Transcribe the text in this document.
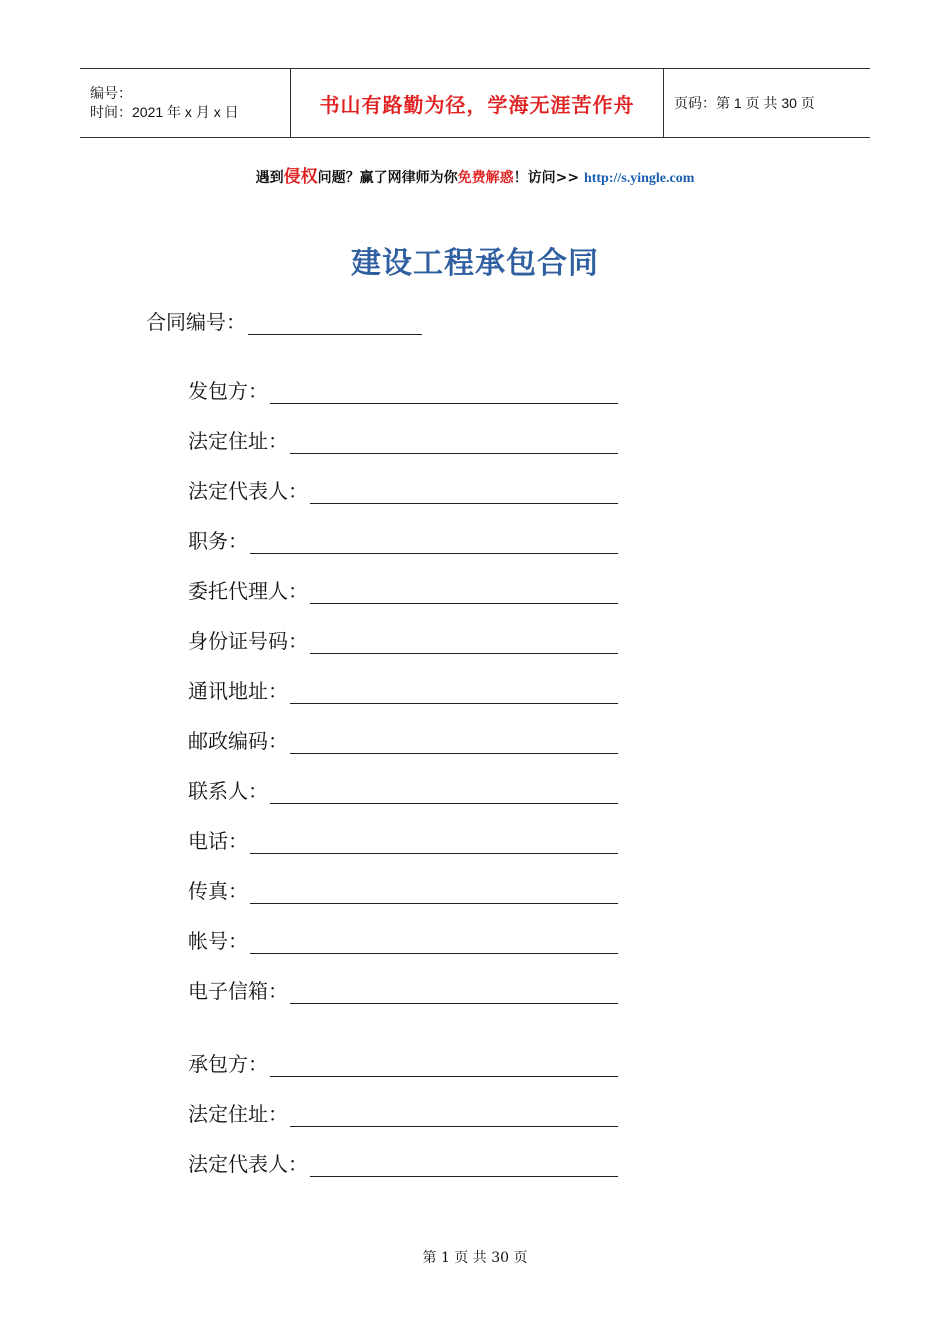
编号：
时间：2021 年 x 月 x 日	书山有路勤为径，学海无涯苦作舟	页码：第 1 页 共 30 页
遇到侵权问题？赢了网律师为你免费解惑！访问>> http://s.yingle.com
建设工程承包合同
合同编号：
发包方：
法定住址：
法定代表人：
职务：
委托代理人：
身份证号码：
通讯地址：
邮政编码：
联系人：
电话：
传真：
帐号：
电子信箱：
承包方：
法定住址：
法定代表人：
第 1 页 共 30 页
